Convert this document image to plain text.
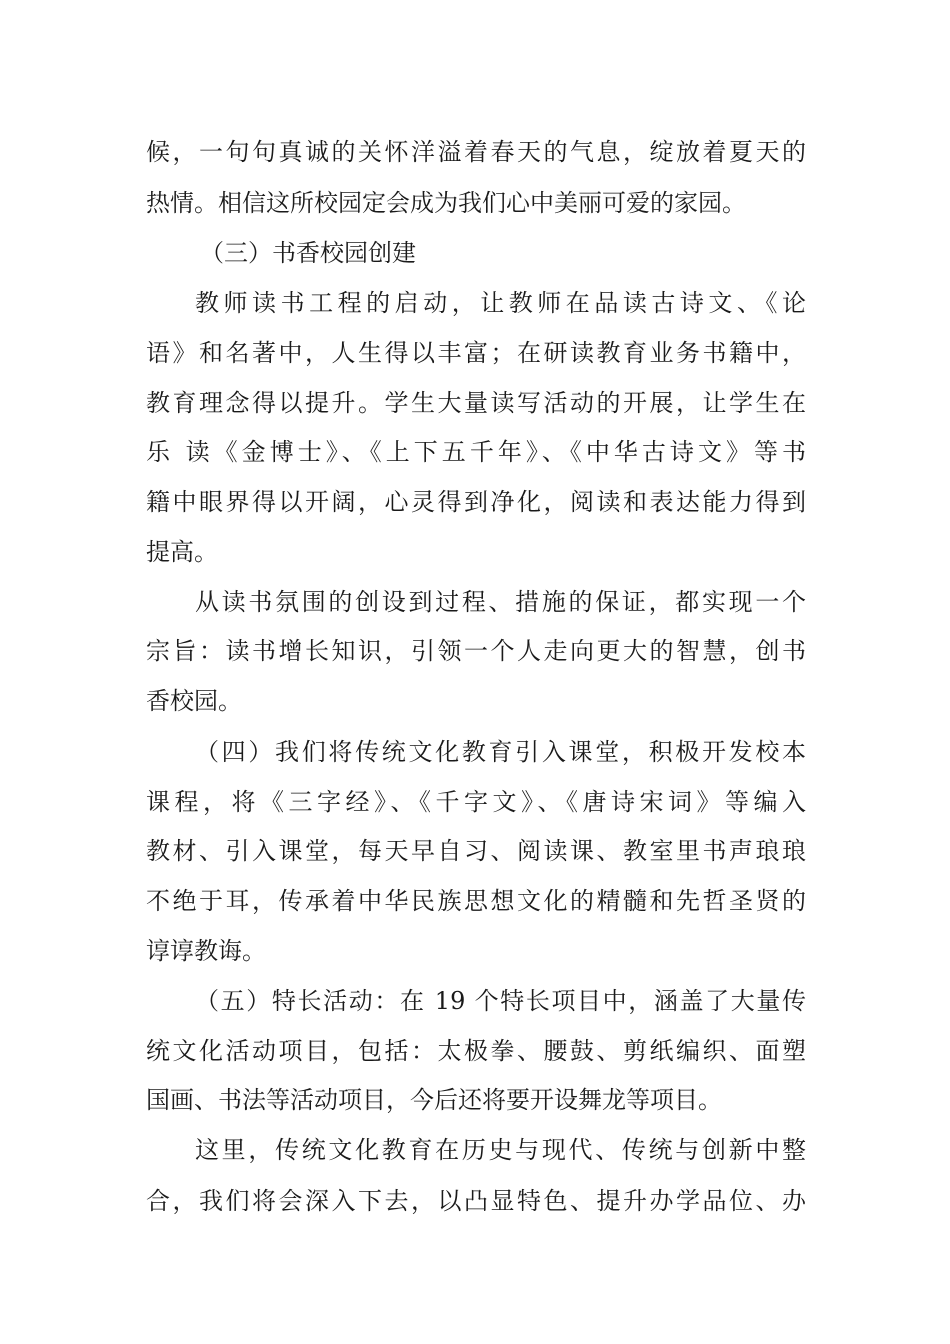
候，一句句真诚的关怀洋溢着春天的气息，绽放着夏天的
热情。相信这所校园定会成为我们心中美丽可爱的家园。
（三）书香校园创建
教师读书工程的启动，让教师在品读古诗文、《论
语》和名著中，人生得以丰富；在研读教育业务书籍中，
教育理念得以提升。学生大量读写活动的开展，让学生在
乐 读《金博士》、《上下五千年》、《中华古诗文》等书
籍中眼界得以开阔，心灵得到净化，阅读和表达能力得到
提高。
从读书氛围的创设到过程、措施的保证，都实现一个
宗旨：读书增长知识，引领一个人走向更大的智慧，创书
香校园。
（四）我们将传统文化教育引入课堂，积极开发校本
课程，将《三字经》、《千字文》、《唐诗宋词》等编入
教材、引入课堂，每天早自习、阅读课、教室里书声琅琅
不绝于耳，传承着中华民族思想文化的精髓和先哲圣贤的
谆谆教诲。
（五）特长活动：在 19 个特长项目中，涵盖了大量传
统文化活动项目，包括：太极拳、腰鼓、剪纸编织、面塑
国画、书法等活动项目，今后还将要开设舞龙等项目。
这里，传统文化教育在历史与现代、传统与创新中整
合，我们将会深入下去，以凸显特色、提升办学品位、办
